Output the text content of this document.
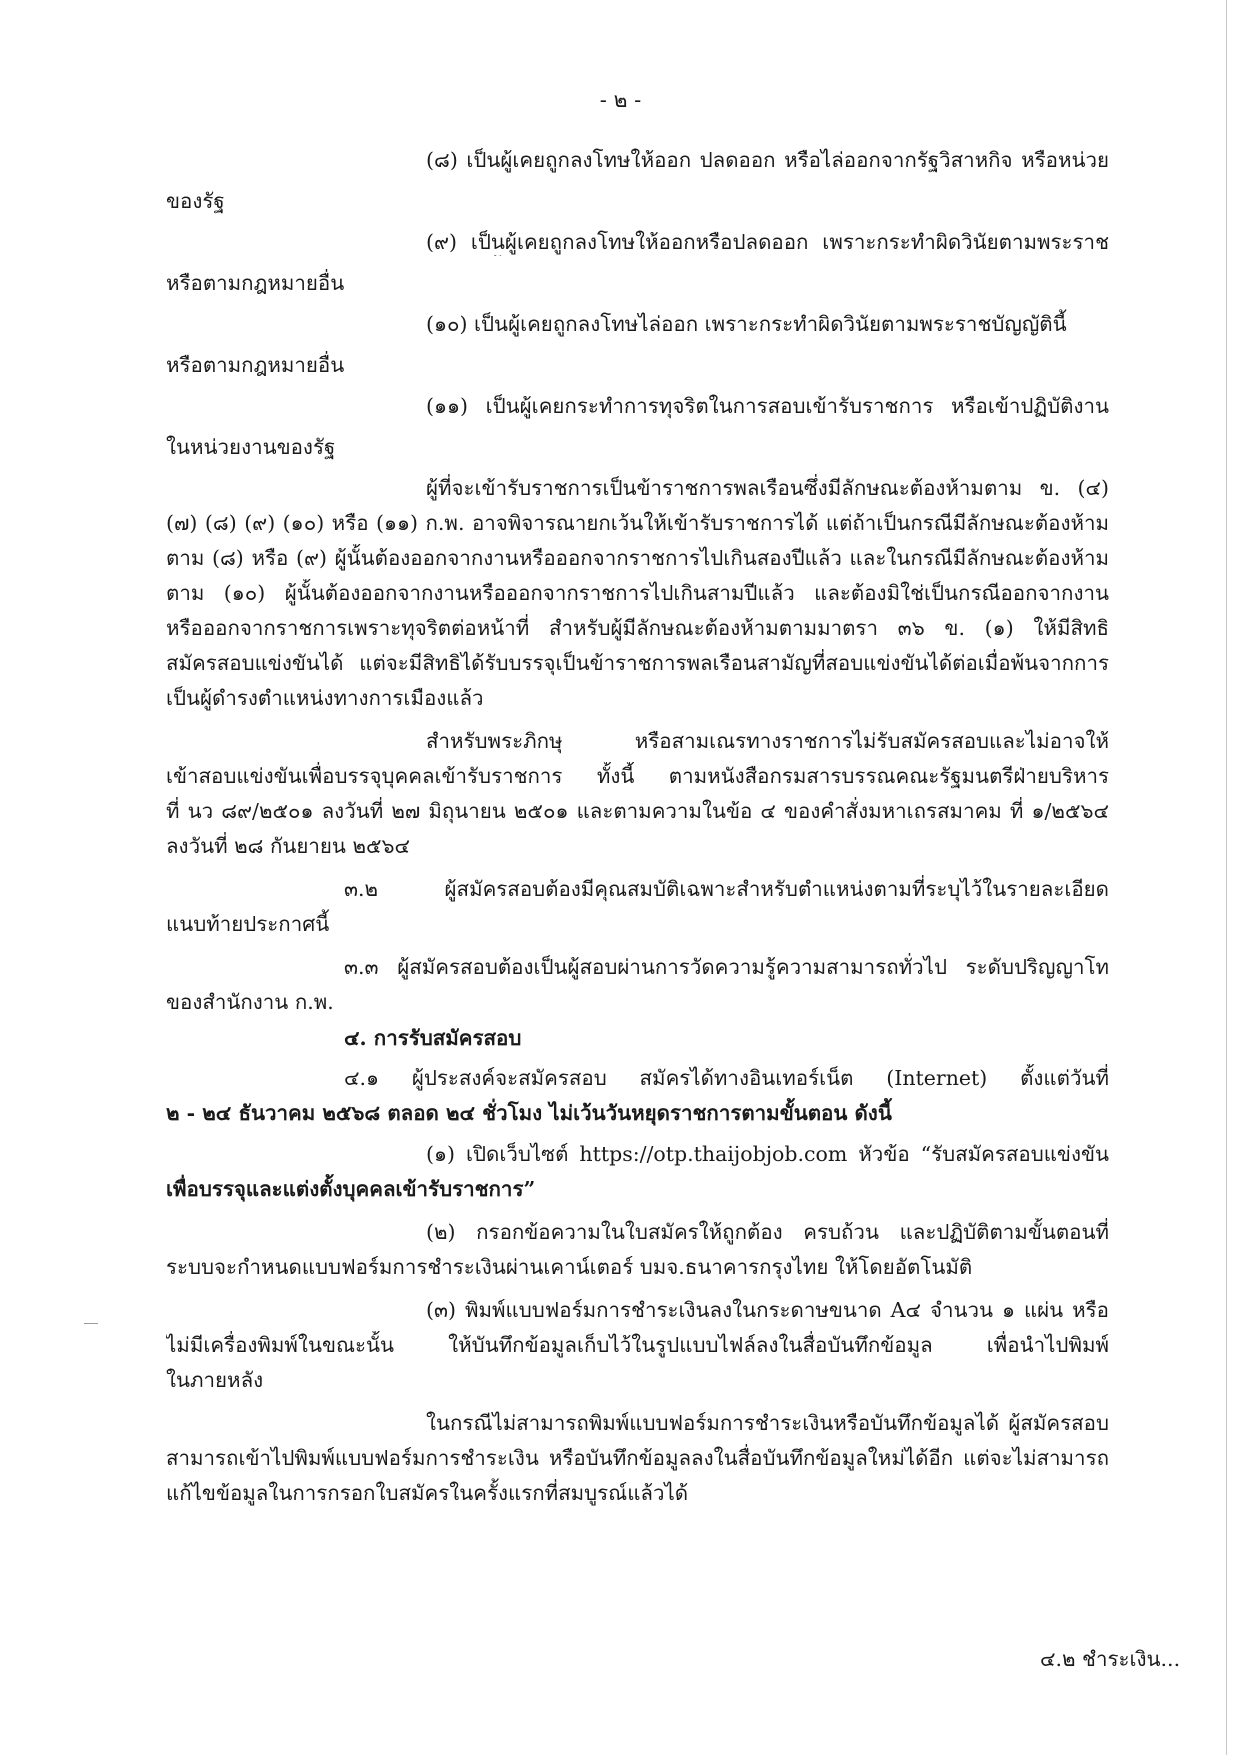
- ๒ -
(๘) เป็นผู้เคยถูกลงโทษให้ออก ปลดออก หรือไล่ออกจากรัฐวิสาหกิจ หรือหน่วย
ของรัฐ
(๙) เป็นผู้เคยถูกลงโทษให้ออกหรือปลดออก เพราะกระทำผิดวินัยตามพระราช
หรือตามกฎหมายอื่น
(๑๐) เป็นผู้เคยถูกลงโทษไล่ออก เพราะกระทำผิดวินัยตามพระราชบัญญัตินี้
หรือตามกฎหมายอื่น
(๑๑) เป็นผู้เคยกระทำการทุจริตในการสอบเข้ารับราชการ หรือเข้าปฏิบัติงาน
ในหน่วยงานของรัฐ
ผู้ที่จะเข้ารับราชการเป็นข้าราชการพลเรือนซึ่งมีลักษณะต้องห้ามตาม ข. (๔)
(๗) (๘) (๙) (๑๐) หรือ (๑๑) ก.พ. อาจพิจารณายกเว้นให้เข้ารับราชการได้ แต่ถ้าเป็นกรณีมีลักษณะต้องห้าม
ตาม (๘) หรือ (๙) ผู้นั้นต้องออกจากงานหรือออกจากราชการไปเกินสองปีแล้ว และในกรณีมีลักษณะต้องห้าม
ตาม (๑๐) ผู้นั้นต้องออกจากงานหรือออกจากราชการไปเกินสามปีแล้ว และต้องมิใช่เป็นกรณีออกจากงาน
หรือออกจากราชการเพราะทุจริตต่อหน้าที่ สำหรับผู้มีลักษณะต้องห้ามตามมาตรา ๓๖ ข. (๑) ให้มีสิทธิ
สมัครสอบแข่งขันได้ แต่จะมีสิทธิได้รับบรรจุเป็นข้าราชการพลเรือนสามัญที่สอบแข่งขันได้ต่อเมื่อพ้นจากการ
เป็นผู้ดำรงตำแหน่งทางการเมืองแล้ว
สำหรับพระภิกษุ หรือสามเณรทางราชการไม่รับสมัครสอบและไม่อาจให้
เข้าสอบแข่งขันเพื่อบรรจุบุคคลเข้ารับราชการ ทั้งนี้ ตามหนังสือกรมสารบรรณคณะรัฐมนตรีฝ่ายบริหาร
ที่ นว ๘๙/๒๕๐๑ ลงวันที่ ๒๗ มิถุนายน ๒๕๐๑ และตามความในข้อ ๔ ของคำสั่งมหาเถรสมาคม ที่ ๑/๒๕๖๔
ลงวันที่ ๒๘ กันยายน ๒๕๖๔
๓.๒ ผู้สมัครสอบต้องมีคุณสมบัติเฉพาะสำหรับตำแหน่งตามที่ระบุไว้ในรายละเอียด
แนบท้ายประกาศนี้
๓.๓ ผู้สมัครสอบต้องเป็นผู้สอบผ่านการวัดความรู้ความสามารถทั่วไป ระดับปริญญาโท
ของสำนักงาน ก.พ.
๔. การรับสมัครสอบ
๔.๑ ผู้ประสงค์จะสมัครสอบ สมัครได้ทางอินเทอร์เน็ต (Internet) ตั้งแต่วันที่
๒ - ๒๔ ธันวาคม ๒๕๖๘ ตลอด ๒๔ ชั่วโมง ไม่เว้นวันหยุดราชการตามขั้นตอน ดังนี้
(๑) เปิดเว็บไซต์ https://otp.thaijobjob.com หัวข้อ “รับสมัครสอบแข่งขัน
เพื่อบรรจุและแต่งตั้งบุคคลเข้ารับราชการ”
(๒) กรอกข้อความในใบสมัครให้ถูกต้อง ครบถ้วน และปฏิบัติตามขั้นตอนที่
ระบบจะกำหนดแบบฟอร์มการชำระเงินผ่านเคาน์เตอร์ บมจ.ธนาคารกรุงไทย ให้โดยอัตโนมัติ
(๓) พิมพ์แบบฟอร์มการชำระเงินลงในกระดาษขนาด A๔ จำนวน ๑ แผ่น หรือ
ไม่มีเครื่องพิมพ์ในขณะนั้น ให้บันทึกข้อมูลเก็บไว้ในรูปแบบไฟล์ลงในสื่อบันทึกข้อมูล เพื่อนำไปพิมพ์
ในภายหลัง
ในกรณีไม่สามารถพิมพ์แบบฟอร์มการชำระเงินหรือบันทึกข้อมูลได้ ผู้สมัครสอบ
สามารถเข้าไปพิมพ์แบบฟอร์มการชำระเงิน หรือบันทึกข้อมูลลงในสื่อบันทึกข้อมูลใหม่ได้อีก แต่จะไม่สามารถ
แก้ไขข้อมูลในการกรอกใบสมัครในครั้งแรกที่สมบูรณ์แล้วได้
๔.๒ ชำระเงิน...
